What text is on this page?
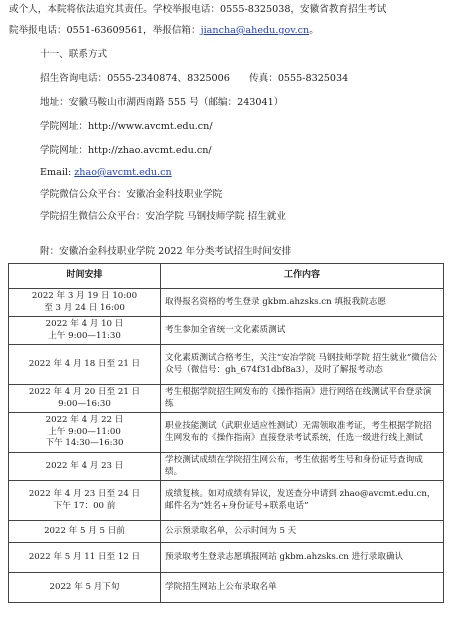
或个人，本院将依法追究其责任。学校举报电话：0555-8325038，安徽省教育招生考试
院举报电话：0551-63609561，举报信箱：jiancha@ahedu.gov.cn。
十一、联系方式
招生咨询电话：0555-2340874、8325006　　传真：0555-8325034
地址：安徽马鞍山市湖西南路 555 号（邮编：243041）
学院网址：http://www.avcmt.edu.cn/
学院网址：http://zhao.avcmt.edu.cn/
Email: zhao@avcmt.edu.cn
学院微信公众平台：安徽冶金科技职业学院
学院招生微信公众平台：安冶学院 马钢技师学院 招生就业
附：安徽冶金科技职业学院 2022 年分类考试招生时间安排
时间安排	工作内容
2022 年 3 月 19 日 10:00
至 3 月 24 日 16:00	取得报名资格的考生登录 gkbm.ahzsks.cn 填报我院志愿
2022 年 4 月 10 日
上午 9:00—11:30	考生参加全省统一文化素质测试
2022 年 4 月 18 日至 21 日	文化素质测试合格考生，关注“安冶学院 马钢技师学院 招生就业”微信公众号（微信号：gh_674f31dbf8a3），及时了解报考动态
2022 年 4 月 20 日至 21 日
9:00—16:30	考生根据学院招生网发布的《操作指南》进行网络在线测试平台登录演练
2022 年 4 月 22 日
上午 9:00—11:00
下午 14:30—16:30	职业技能测试（武职业适应性测试）无需领取准考证，考生根据学院招生网发布的《操作指南》直接登录考试系统，任选一级进行线上测试
2022 年 4 月 23 日	学校测试成绩在学院招生网公布，考生依据考生号和身份证号查询成绩。
2022 年 4 月 23 日至 24 日
下午 17：00 前	成绩复核。如对成绩有异议，发送查分申请到 zhao@avcmt.edu.cn，邮件名为“姓名+身份证号+联系电话”
2022 年 5 月 5 日前	公示预录取名单，公示时间为 5 天
2022 年 5 月 11 日至 12 日	预录取考生登录志愿填报网站 gkbm.ahzsks.cn 进行录取确认
2022 年 5 月下旬	学院招生网站上公布录取名单
